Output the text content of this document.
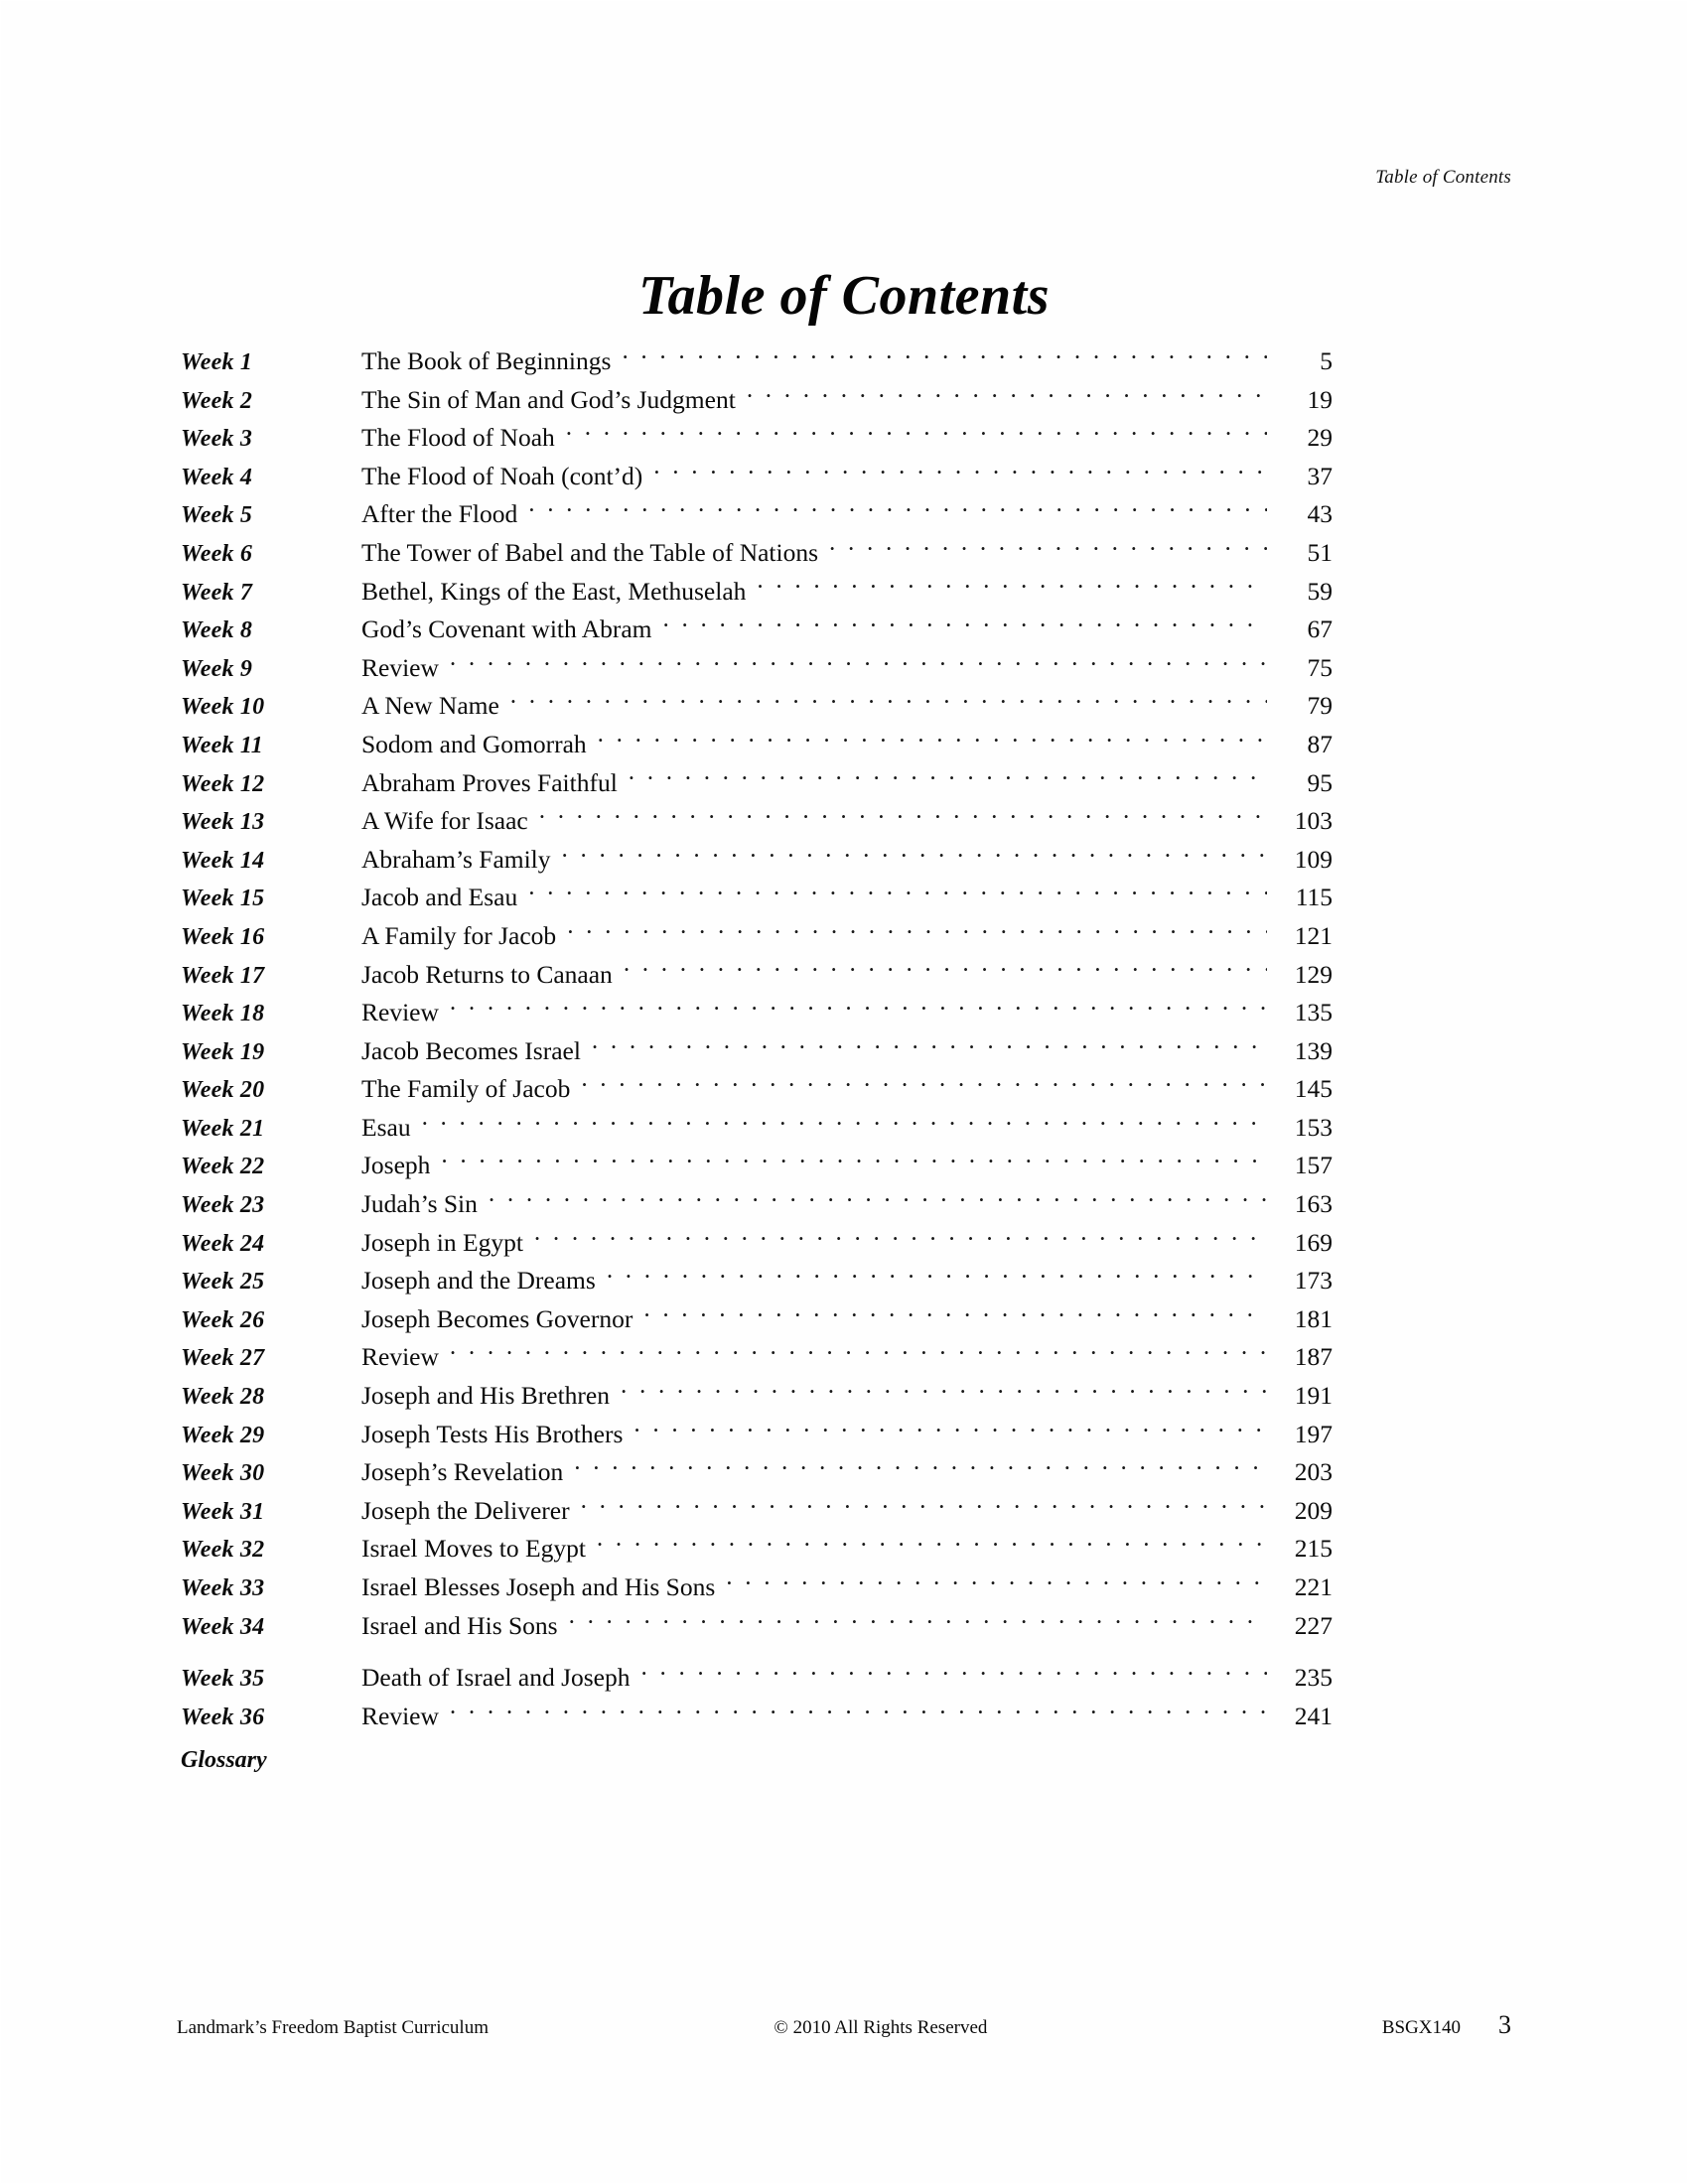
Table of Contents
Table of Contents
Week 1	The Book of Beginnings · · ·	5
Week 2	The Sin of Man and God’s Judgment · · ·	19
Week 3	The Flood of Noah · · ·	29
Week 4	The Flood of Noah (cont’d) · · ·	37
Week 5	After the Flood · · ·	43
Week 6	The Tower of Babel and the Table of Nations · · ·	51
Week 7	Bethel, Kings of the East, Methuselah · · ·	59
Week 8	God’s Covenant with Abram · · ·	67
Week 9	Review · · ·	75
Week 10	A New Name · · ·	79
Week 11	Sodom and Gomorrah · · ·	87
Week 12	Abraham Proves Faithful · · ·	95
Week 13	A Wife for Isaac · · ·	103
Week 14	Abraham’s Family · · ·	109
Week 15	Jacob and Esau · · ·	115
Week 16	A Family for Jacob · · ·	121
Week 17	Jacob Returns to Canaan · · ·	129
Week 18	Review · · ·	135
Week 19	Jacob Becomes Israel · · ·	139
Week 20	The Family of Jacob · · ·	145
Week 21	Esau · · ·	153
Week 22	Joseph · · ·	157
Week 23	Judah’s Sin · · ·	163
Week 24	Joseph in Egypt · · ·	169
Week 25	Joseph and the Dreams · · ·	173
Week 26	Joseph Becomes Governor · · ·	181
Week 27	Review · · ·	187
Week 28	Joseph and His Brethren · · ·	191
Week 29	Joseph Tests His Brothers · · ·	197
Week 30	Joseph’s Revelation · · ·	203
Week 31	Joseph the Deliverer · · ·	209
Week 32	Israel Moves to Egypt · · ·	215
Week 33	Israel Blesses Joseph and His Sons · · ·	221
Week 34	Israel and His Sons · · ·	227
Week 35	Death of Israel and Joseph · · ·	235
Week 36	Review · · ·	241
Glossary
Landmark’s Freedom Baptist Curriculum	© 2010 All Rights Reserved	BSGX140	3
